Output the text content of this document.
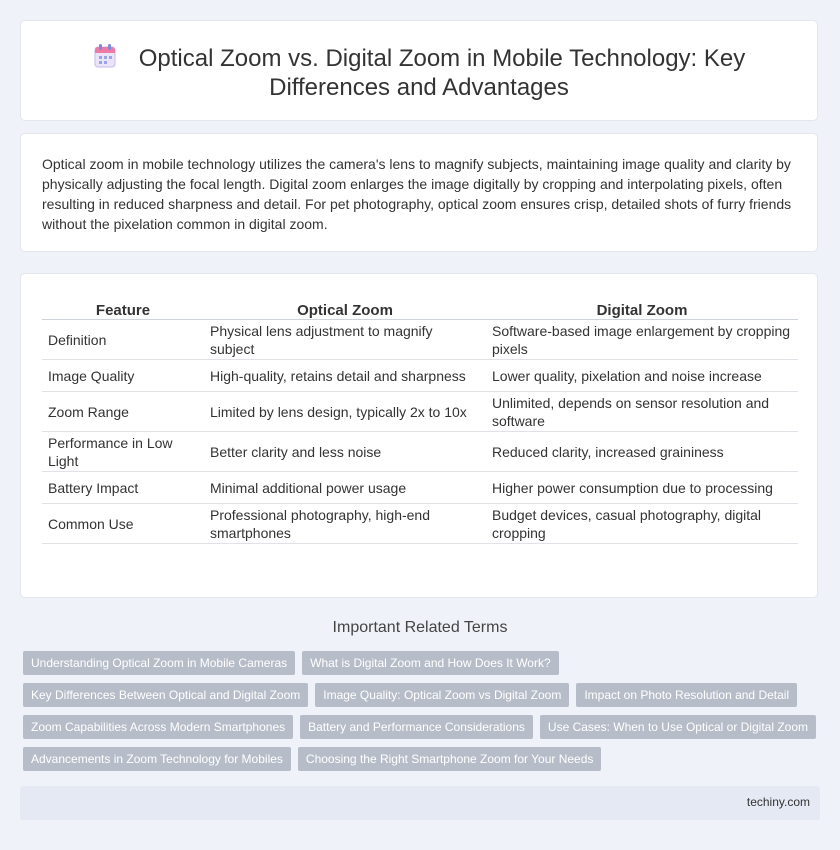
Optical Zoom vs. Digital Zoom in Mobile Technology: Key Differences and Advantages
Optical zoom in mobile technology utilizes the camera's lens to magnify subjects, maintaining image quality and clarity by physically adjusting the focal length. Digital zoom enlarges the image digitally by cropping and interpolating pixels, often resulting in reduced sharpness and detail. For pet photography, optical zoom ensures crisp, detailed shots of furry friends without the pixelation common in digital zoom.
Feature	Optical Zoom	Digital Zoom
Definition	Physical lens adjustment to magnify subject	Software-based image enlargement by cropping pixels
Image Quality	High-quality, retains detail and sharpness	Lower quality, pixelation and noise increase
Zoom Range	Limited by lens design, typically 2x to 10x	Unlimited, depends on sensor resolution and software
Performance in Low Light	Better clarity and less noise	Reduced clarity, increased graininess
Battery Impact	Minimal additional power usage	Higher power consumption due to processing
Common Use	Professional photography, high-end smartphones	Budget devices, casual photography, digital cropping
Important Related Terms
Understanding Optical Zoom in Mobile Cameras	What is Digital Zoom and How Does It Work?
Key Differences Between Optical and Digital Zoom	Image Quality: Optical Zoom vs Digital Zoom	Impact on Photo Resolution and Detail
Zoom Capabilities Across Modern Smartphones	Battery and Performance Considerations	Use Cases: When to Use Optical or Digital Zoom
Advancements in Zoom Technology for Mobiles	Choosing the Right Smartphone Zoom for Your Needs
techiny.com
